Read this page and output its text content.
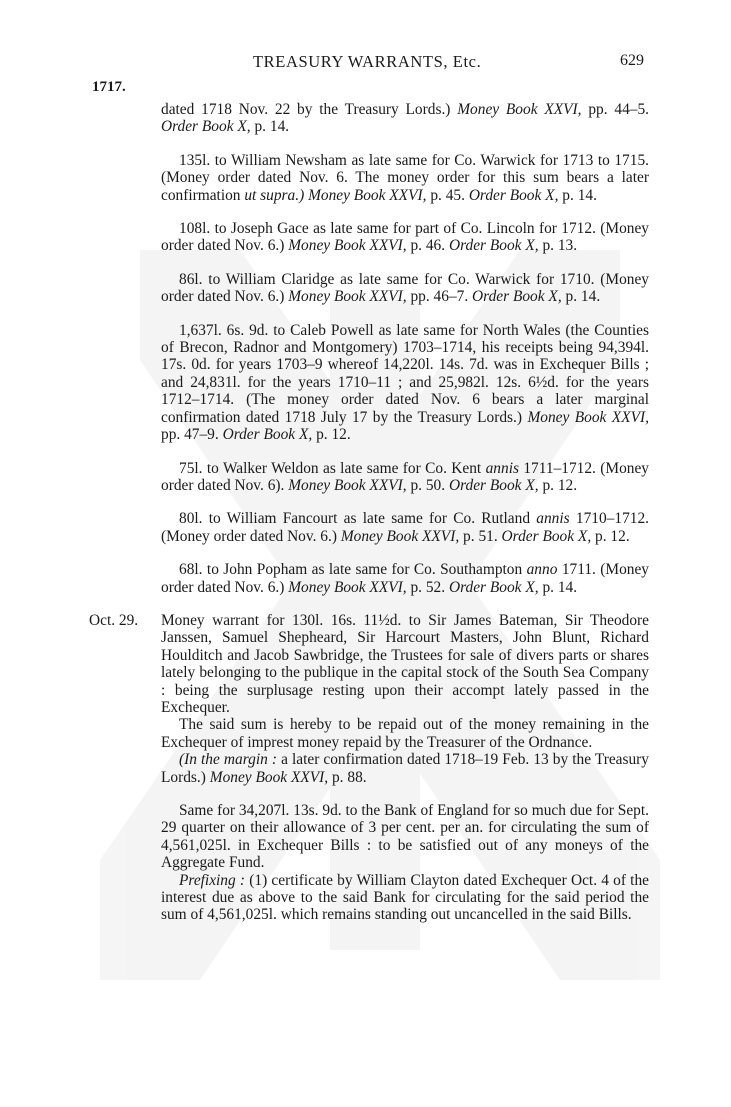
TREASURY WARRANTS, Etc.	629
1717.

dated 1718 Nov. 22 by the Treasury Lords.) Money Book XXVI, pp. 44–5. Order Book X, p. 14.

135l. to William Newsham as late same for Co. Warwick for 1713 to 1715. (Money order dated Nov. 6. The money order for this sum bears a later confirmation ut supra.) Money Book XXVI, p. 45. Order Book X, p. 14.

108l. to Joseph Gace as late same for part of Co. Lincoln for 1712. (Money order dated Nov. 6.) Money Book XXVI, p. 46. Order Book X, p. 13.

86l. to William Claridge as late same for Co. Warwick for 1710. (Money order dated Nov. 6.) Money Book XXVI, pp. 46–7. Order Book X, p. 14.

1,637l. 6s. 9d. to Caleb Powell as late same for North Wales (the Counties of Brecon, Radnor and Montgomery) 1703–1714, his receipts being 94,394l. 17s. 0d. for years 1703–9 whereof 14,220l. 14s. 7d. was in Exchequer Bills ; and 24,831l. for the years 1710–11 ; and 25,982l. 12s. 6½d. for the years 1712–1714. (The money order dated Nov. 6 bears a later marginal confirmation dated 1718 July 17 by the Treasury Lords.) Money Book XXVI, pp. 47–9. Order Book X, p. 12.

75l. to Walker Weldon as late same for Co. Kent annis 1711–1712. (Money order dated Nov. 6). Money Book XXVI, p. 50. Order Book X, p. 12.

80l. to William Fancourt as late same for Co. Rutland annis 1710–1712. (Money order dated Nov. 6.) Money Book XXVI, p. 51. Order Book X, p. 12.

68l. to John Popham as late same for Co. Southampton anno 1711. (Money order dated Nov. 6.) Money Book XXVI, p. 52. Order Book X, p. 14.

Oct. 29. Money warrant for 130l. 16s. 11½d. to Sir James Bateman, Sir Theodore Janssen, Samuel Shepheard, Sir Harcourt Masters, John Blunt, Richard Houlditch and Jacob Sawbridge, the Trustees for sale of divers parts or shares lately belonging to the publique in the capital stock of the South Sea Company : being the surplusage resting upon their accompt lately passed in the Exchequer.

The said sum is hereby to be repaid out of the money remaining in the Exchequer of imprest money repaid by the Treasurer of the Ordnance.

(In the margin : a later confirmation dated 1718–19 Feb. 13 by the Treasury Lords.) Money Book XXVI, p. 88.

Same for 34,207l. 13s. 9d. to the Bank of England for so much due for Sept. 29 quarter on their allowance of 3 per cent. per an. for circulating the sum of 4,561,025l. in Exchequer Bills : to be satisfied out of any moneys of the Aggregate Fund.

Prefixing : (1) certificate by William Clayton dated Exchequer Oct. 4 of the interest due as above to the said Bank for circulating for the said period the sum of 4,561,025l. which remains standing out uncancelled in the said Bills.
